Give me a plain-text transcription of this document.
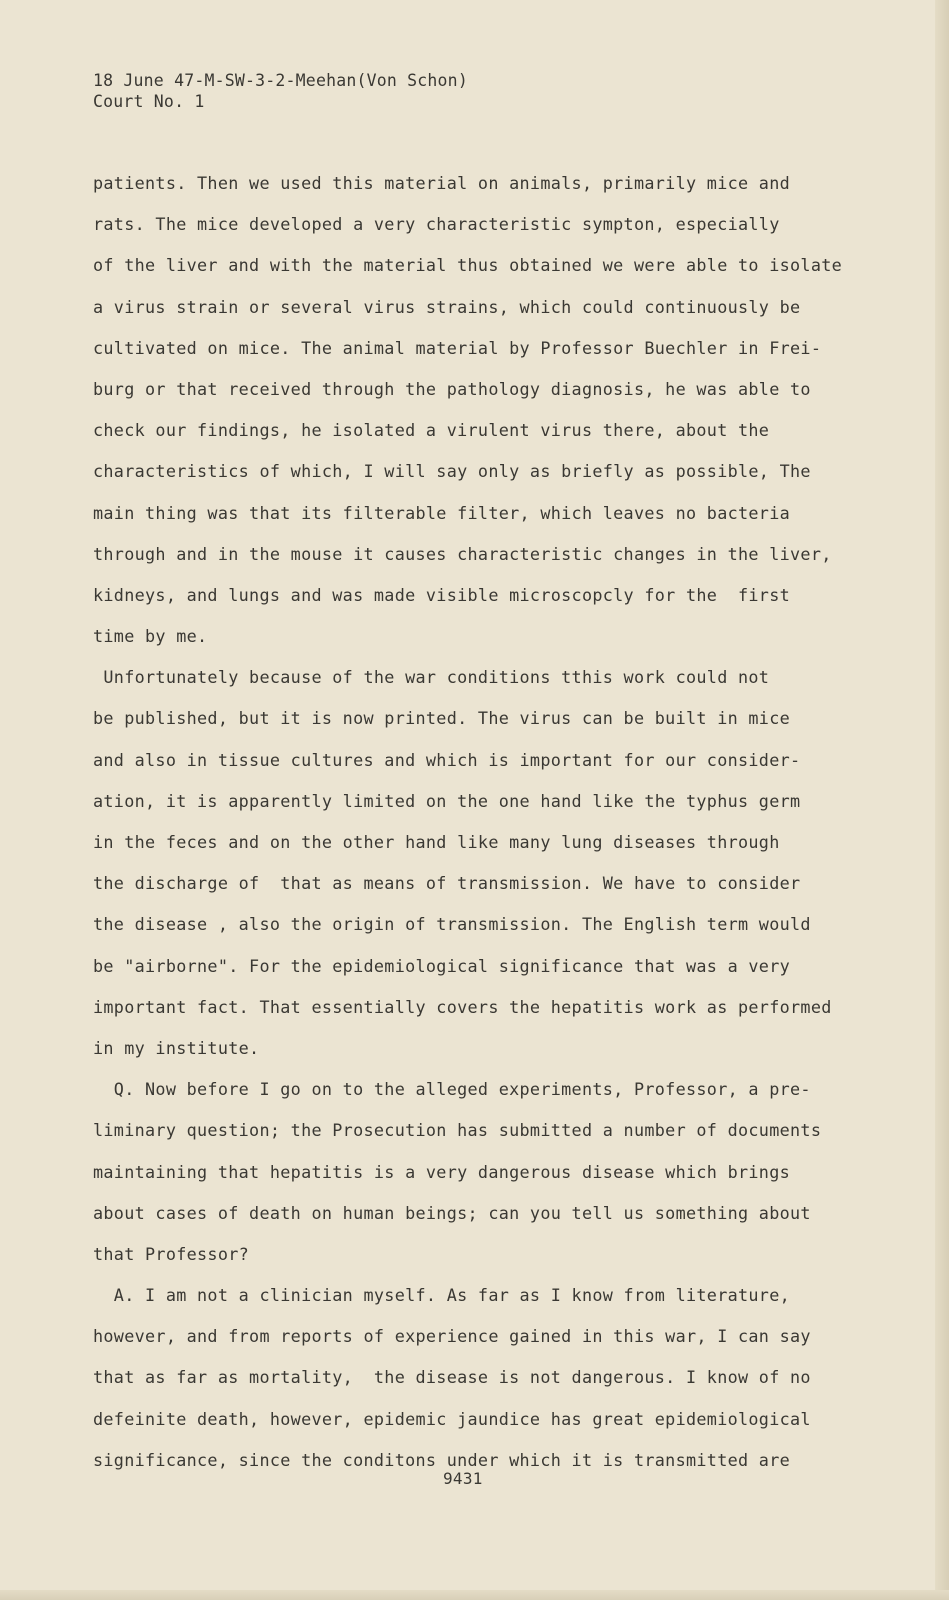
18 June 47-M-SW-3-2-Meehan(Von Schon)
Court No. 1
patients. Then we used this material on animals, primarily mice and
rats. The mice developed a very characteristic sympton, especially
of the liver and with the material thus obtained we were able to isolate
a virus strain or several virus strains, which could continuously be
cultivated on mice. The animal material by Professor Buechler in Frei-
burg or that received through the pathology diagnosis, he was able to
check our findings, he isolated a virulent virus there, about the
characteristics of which, I will say only as briefly as possible, The
main thing was that its filterable filter, which leaves no bacteria
through and in the mouse it causes characteristic changes in the liver,
kidneys, and lungs and was made visible microscopcly for the  first
time by me.
Unfortunately because of the war conditions tthis work could not
be published, but it is now printed. The virus can be built in mice
and also in tissue cultures and which is important for our consider-
ation, it is apparently limited on the one hand like the typhus germ
in the feces and on the other hand like many lung diseases through
the discharge of  that as means of transmission. We have to consider
the disease , also the origin of transmission. The English term would
be "airborne". For the epidemiological significance that was a very
important fact. That essentially covers the hepatitis work as performed
in my institute.
Q. Now before I go on to the alleged experiments, Professor, a pre-
liminary question; the Prosecution has submitted a number of documents
maintaining that hepatitis is a very dangerous disease which brings
about cases of death on human beings; can you tell us something about
that Professor?
A. I am not a clinician myself. As far as I know from literature,
however, and from reports of experience gained in this war, I can say
that as far as mortality,  the disease is not dangerous. I know of no
defeinite death, however, epidemic jaundice has great epidemiological
significance, since the conditons under which it is transmitted are
9431
